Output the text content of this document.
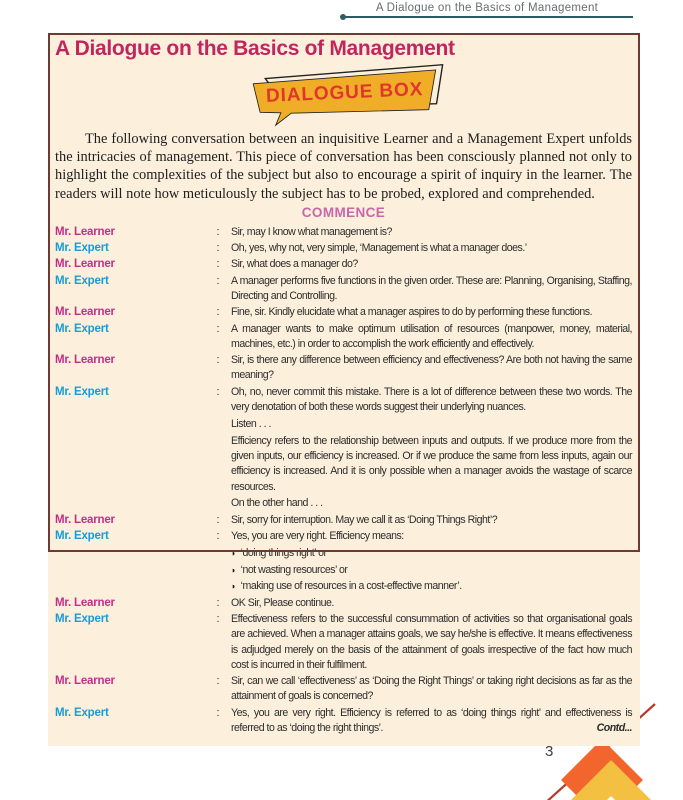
A Dialogue on the Basics of Management
A Dialogue on the Basics of Management
DIALOGUE BOX

The following conversation between an inquisitive Learner and a Management Expert unfolds the intricacies of management. This piece of conversation has been consciously planned not only to highlight the complexities of the subject but also to encourage a spirit of inquiry in the learner. The readers will note how meticulously the subject has to be probed, explored and comprehended.

COMMENCE
Mr. Learner	:	Sir, may I know what management is?

Mr. Expert	:	Oh, yes, why not, very simple, ‘Management is what a manager does.’

Mr. Learner	:	Sir, what does a manager do?

Mr. Expert	:	A manager performs five functions in the given order. These are: Planning, Organising, Staffing, Directing and Controlling.

Mr. Learner	:	Fine, sir. Kindly elucidate what a manager aspires to do by performing these functions.

Mr. Expert	:	A manager wants to make optimum utilisation of resources (manpower, money, material, machines, etc.) in order to accomplish the work efficiently and effectively.

Mr. Learner	:	Sir, is there any difference between efficiency and effectiveness? Are both not having the same meaning?

Mr. Expert	:	Oh, no, never commit this mistake. There is a lot of difference between these two words. The very denotation of both these words suggest their underlying nuances.

Listen . . .

Efficiency refers to the relationship between inputs and outputs. If we produce more from the given inputs, our efficiency is increased. Or if we produce the same from less inputs, again our efficiency is increased. And it is only possible when a manager avoids the wastage of scarce resources.

On the other hand . . .

Mr. Learner	:	Sir, sorry for interruption. May we call it as ‘Doing Things Right’?

Mr. Expert	:	Yes, you are very right. Efficiency means:

◗ ‘doing things right’ or

◗ ‘not wasting resources’ or

◗ ‘making use of resources in a cost-effective manner’.

Mr. Learner	:	OK Sir, Please continue.

Mr. Expert	:	Effectiveness refers to the successful consummation of activities so that organisational goals are achieved. When a manager attains goals, we say he/she is effective. It means effectiveness is adjudged merely on the basis of the attainment of goals irrespective of the fact how much cost is incurred in their fulfilment.

Mr. Learner	:	Sir, can we call ‘effectiveness’ as ‘Doing the Right Things’ or taking right decisions as far as the attainment of goals is concerned?

Mr. Expert	:	Yes, you are very right. Efficiency is referred to as ‘doing things right’ and effectiveness is referred to as ‘doing the right things’.	Contd...

3
